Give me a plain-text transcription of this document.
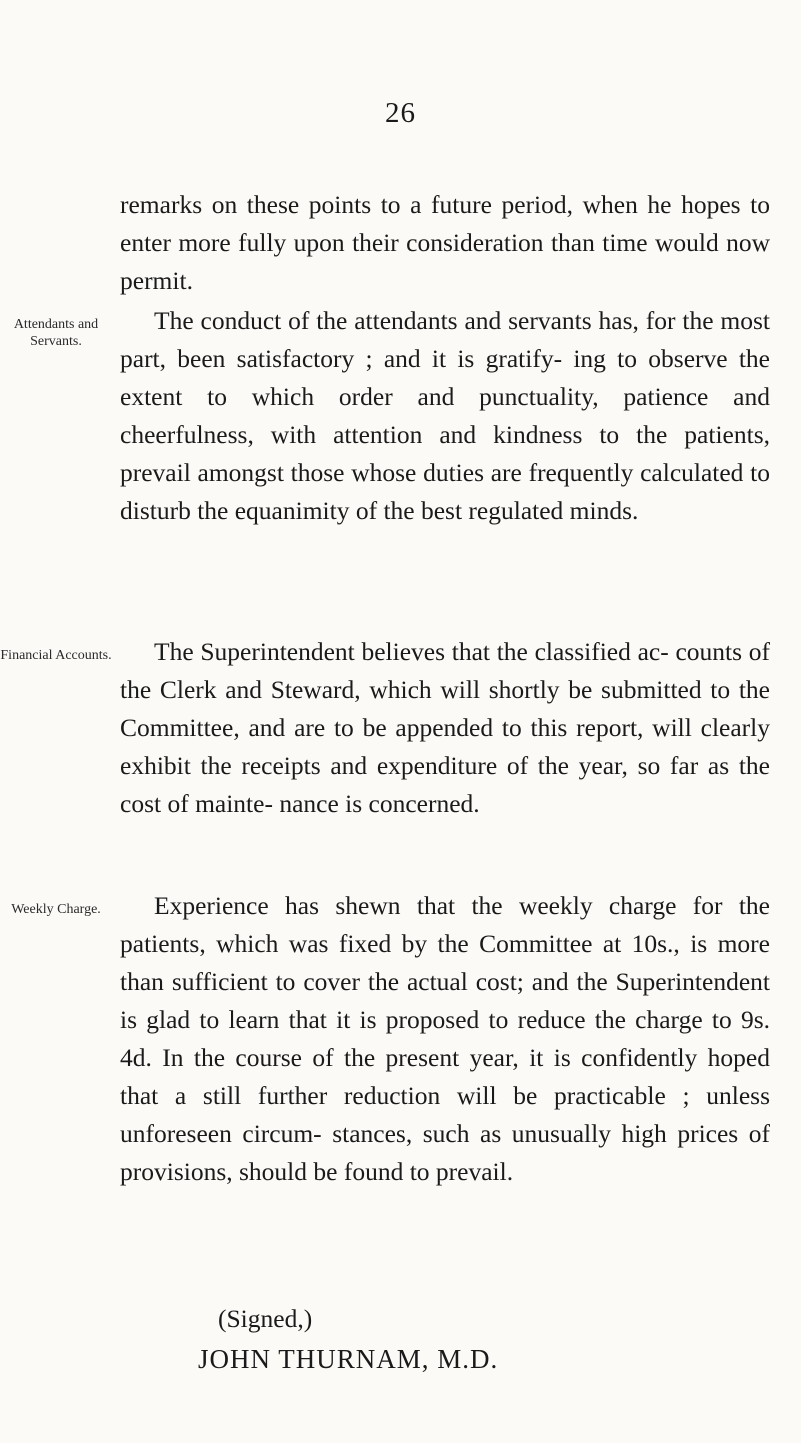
26

remarks on these points to a future period, when he hopes to enter more fully upon their consideration than time would now permit.

Attendants and Servants.

The conduct of the attendants and servants has, for the most part, been satisfactory ; and it is gratify- ing to observe the extent to which order and punctuality, patience and cheerfulness, with attention and kindness to the patients, prevail amongst those whose duties are frequently calculated to disturb the equanimity of the best regulated minds.

Financial Accounts.	The Superintendent believes that the classified ac- counts of the Clerk and Steward, which will shortly be submitted to the Committee, and are to be appended to this report, will clearly exhibit the receipts and expenditure of the year, so far as the cost of mainte- nance is concerned.

Weekly Charge.	Experience has shewn that the weekly charge for the patients, which was fixed by the Committee at 10s., is more than sufficient to cover the actual cost; and the Superintendent is glad to learn that it is proposed to reduce the charge to 9s. 4d. In the course of the present year, it is confidently hoped that a still further reduction will be practicable ; unless unforeseen circum- stances, such as unusually high prices of provisions, should be found to prevail.

(Signed,)
JOHN THURNAM, M.D.
